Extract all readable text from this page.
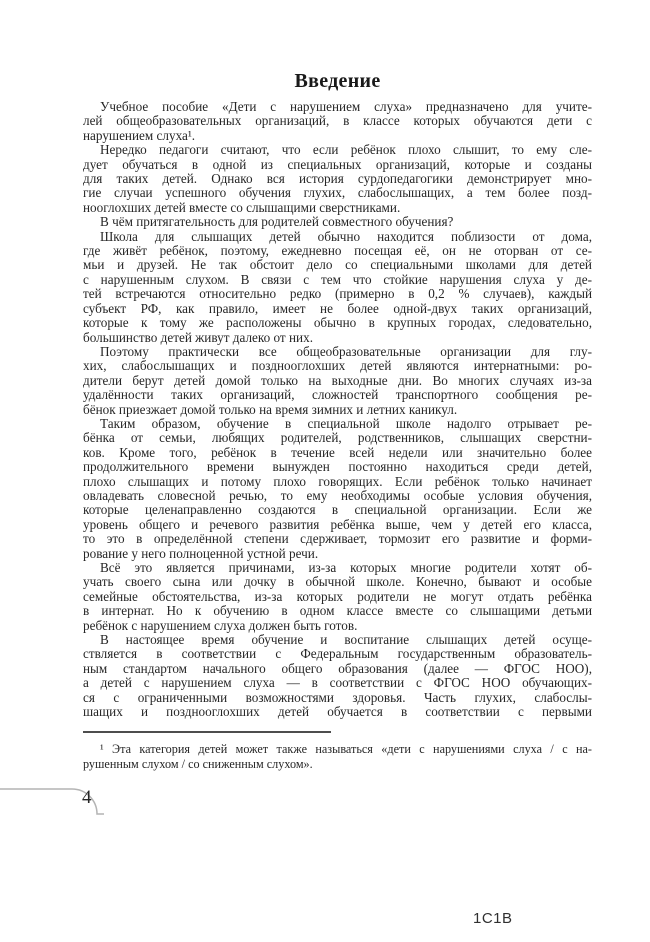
Введение
Учебное пособие «Дети с нарушением слуха» предназначено для учите-
лей общеобразовательных организаций, в классе которых обучаются дети с
нарушением слуха¹.
Нередко педагоги считают, что если ребёнок плохо слышит, то ему сле-
дует обучаться в одной из специальных организаций, которые и созданы
для таких детей. Однако вся история сурдопедагогики демонстрирует мно-
гие случаи успешного обучения глухих, слабослышащих, а тем более позд-
нооглохших детей вместе со слышащими сверстниками.
В чём притягательность для родителей совместного обучения?
Школа для слышащих детей обычно находится поблизости от дома,
где живёт ребёнок, поэтому, ежедневно посещая её, он не оторван от се-
мьи и друзей. Не так обстоит дело со специальными школами для детей
с нарушенным слухом. В связи с тем что стойкие нарушения слуха у де-
тей встречаются относительно редко (примерно в 0,2 % случаев), каждый
субъект РФ, как правило, имеет не более одной-двух таких организаций,
которые к тому же расположены обычно в крупных городах, следовательно,
большинство детей живут далеко от них.
Поэтому практически все общеобразовательные организации для глу-
хих, слабослышащих и позднооглохших детей являются интернатными: ро-
дители берут детей домой только на выходные дни. Во многих случаях из-за
удалённости таких организаций, сложностей транспортного сообщения ре-
бёнок приезжает домой только на время зимних и летних каникул.
Таким образом, обучение в специальной школе надолго отрывает ре-
бёнка от семьи, любящих родителей, родственников, слышащих сверстни-
ков. Кроме того, ребёнок в течение всей недели или значительно более
продолжительного времени вынужден постоянно находиться среди детей,
плохо слышащих и потому плохо говорящих. Если ребёнок только начинает
овладевать словесной речью, то ему необходимы особые условия обучения,
которые целенаправленно создаются в специальной организации. Если же
уровень общего и речевого развития ребёнка выше, чем у детей его класса,
то это в определённой степени сдерживает, тормозит его развитие и форми-
рование у него полноценной устной речи.
Всё это является причинами, из-за которых многие родители хотят об-
учать своего сына или дочку в обычной школе. Конечно, бывают и особые
семейные обстоятельства, из-за которых родители не могут отдать ребёнка
в интернат. Но к обучению в одном классе вместе со слышащими детьми
ребёнок с нарушением слуха должен быть готов.
В настоящее время обучение и воспитание слышащих детей осуще-
ствляется в соответствии с Федеральным государственным образователь-
ным стандартом начального общего образования (далее — ФГОС НОО),
а детей с нарушением слуха — в соответствии с ФГОС НОО обучающих-
ся с ограниченными возможностями здоровья. Часть глухих, слабослы-
шащих и позднооглохших детей обучается в соответствии с первыми
¹ Эта категория детей может также называться «дети с нарушениями слуха / с на-
рушенным слухом / со сниженным слухом».
4
1C1B
